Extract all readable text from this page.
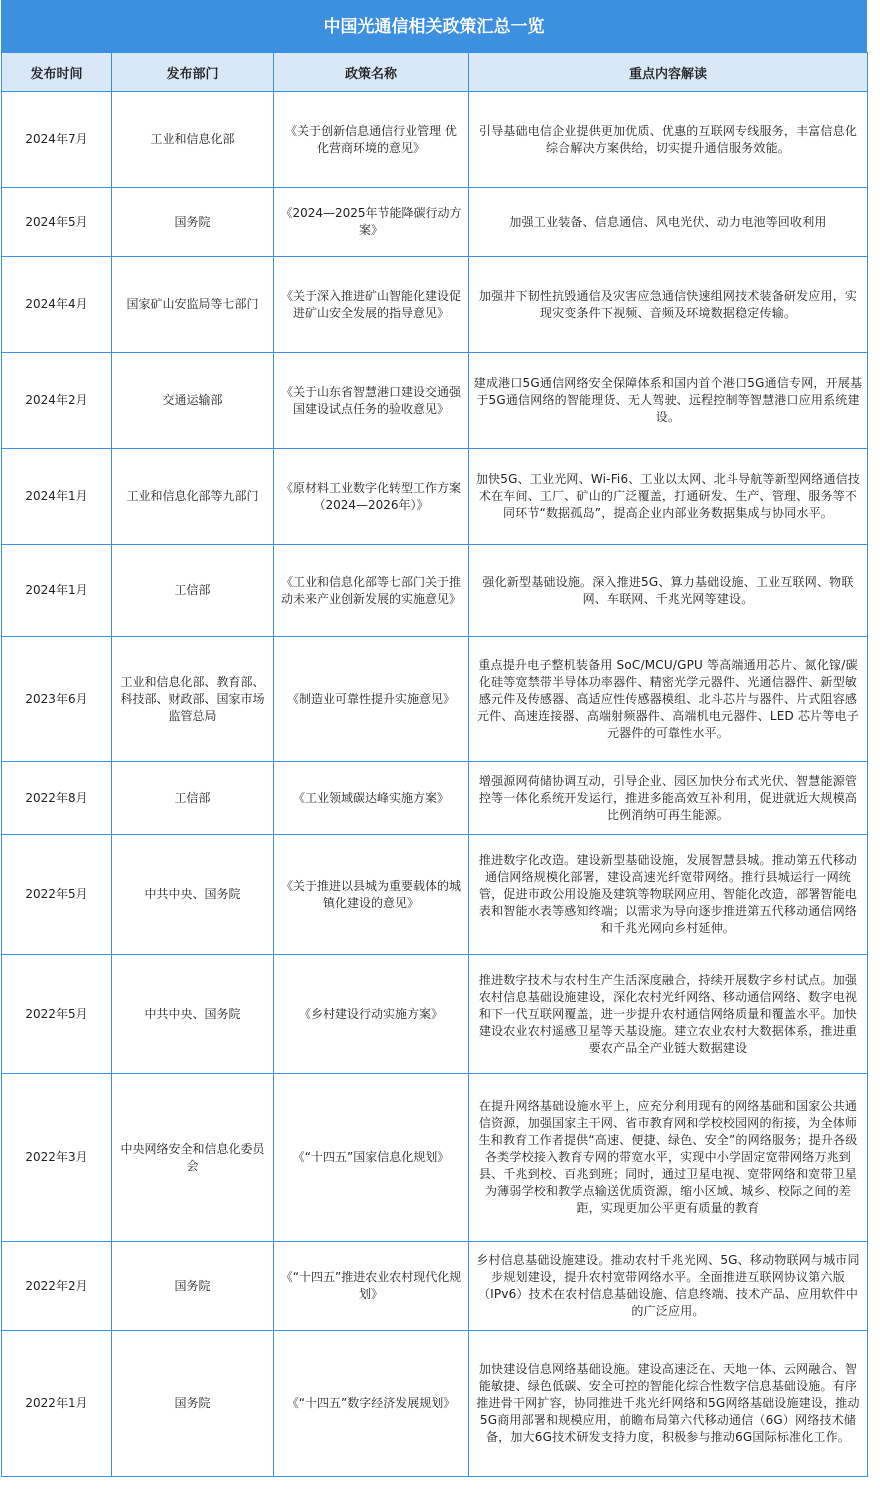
中国光通信相关政策汇总一览
发布时间	发布部门	政策名称	重点内容解读
2024年7月	工业和信息化部	《关于创新信息通信行业管理 优化营商环境的意见》	引导基础电信企业提供更加优质、优惠的互联网专线服务，丰富信息化综合解决方案供给，切实提升通信服务效能。
2024年5月	国务院	《2024—2025年节能降碳行动方案》	加强工业装备、信息通信、风电光伏、动力电池等回收利用
2024年4月	国家矿山安监局等七部门	《关于深入推进矿山智能化建设促进矿山安全发展的指导意见》	加强井下韧性抗毁通信及灾害应急通信快速组网技术装备研发应用，实现灾变条件下视频、音频及环境数据稳定传输。
2024年2月	交通运输部	《关于山东省智慧港口建设交通强国建设试点任务的验收意见》	建成港口5G通信网络安全保障体系和国内首个港口5G通信专网，开展基于5G通信网络的智能理货、无人驾驶、远程控制等智慧港口应用系统建设。
2024年1月	工业和信息化部等九部门	《原材料工业数字化转型工作方案（2024—2026年）》	加快5G、工业光网、Wi-Fi6、工业以太网、北斗导航等新型网络通信技术在车间、工厂、矿山的广泛覆盖，打通研发、生产、管理、服务等不同环节“数据孤岛”，提高企业内部业务数据集成与协同水平。
2024年1月	工信部	《工业和信息化部等七部门关于推动未来产业创新发展的实施意见》	强化新型基础设施。深入推进5G、算力基础设施、工业互联网、物联网、车联网、千兆光网等建设。
2023年6月	工业和信息化部、教育部、科技部、财政部、国家市场监管总局	《制造业可靠性提升实施意见》	重点提升电子整机装备用 SoC/MCU/GPU 等高端通用芯片、氮化镓/碳化硅等宽禁带半导体功率器件、精密光学元器件、光通信器件、新型敏感元件及传感器、高适应性传感器模组、北斗芯片与器件、片式阻容感元件、高速连接器、高端射频器件、高端机电元器件、LED 芯片等电子元器件的可靠性水平。
2022年8月	工信部	《工业领域碳达峰实施方案》	增强源网荷储协调互动，引导企业、园区加快分布式光伏、智慧能源管控等一体化系统开发运行，推进多能高效互补利用，促进就近大规模高比例消纳可再生能源。
2022年5月	中共中央、国务院	《关于推进以县城为重要载体的城镇化建设的意见》	推进数字化改造。建设新型基础设施，发展智慧县城。推动第五代移动通信网络规模化部署，建设高速光纤宽带网络。推行县城运行一网统管，促进市政公用设施及建筑等物联网应用、智能化改造，部署智能电表和智能水表等感知终端；以需求为导向逐步推进第五代移动通信网络和千兆光网向乡村延伸。
2022年5月	中共中央、国务院	《乡村建设行动实施方案》	推进数字技术与农村生产生活深度融合，持续开展数字乡村试点。加强农村信息基础设施建设，深化农村光纤网络、移动通信网络、数字电视和下一代互联网覆盖，进一步提升农村通信网络质量和覆盖水平。加快建设农业农村遥感卫星等天基设施。建立农业农村大数据体系，推进重要农产品全产业链大数据建设
2022年3月	中央网络安全和信息化委员会	《“十四五”国家信息化规划》	在提升网络基础设施水平上，应充分利用现有的网络基础和国家公共通信资源，加强国家主干网、省市教育网和学校校园网的衔接，为全体师生和教育工作者提供“高速、便捷、绿色、安全”的网络服务；提升各级各类学校接入教育专网的带宽水平，实现中小学固定宽带网络万兆到县、千兆到校、百兆到班；同时，通过卫星电视、宽带网络和宽带卫星为薄弱学校和教学点输送优质资源，缩小区域、城乡、校际之间的差距，实现更加公平更有质量的教育
2022年2月	国务院	《“十四五”推进农业农村现代化规划》	乡村信息基础设施建设。推动农村千兆光网、5G、移动物联网与城市同步规划建设，提升农村宽带网络水平。全面推进互联网协议第六版（IPv6）技术在农村信息基础设施、信息终端、技术产品、应用软件中的广泛应用。
2022年1月	国务院	《“十四五”数字经济发展规划》	加快建设信息网络基础设施。建设高速泛在、天地一体、云网融合、智能敏捷、绿色低碳、安全可控的智能化综合性数字信息基础设施。有序推进骨干网扩容，协同推进千兆光纤网络和5G网络基础设施建设，推动5G商用部署和规模应用，前瞻布局第六代移动通信（6G）网络技术储备，加大6G技术研发支持力度，积极参与推动6G国际标准化工作。
